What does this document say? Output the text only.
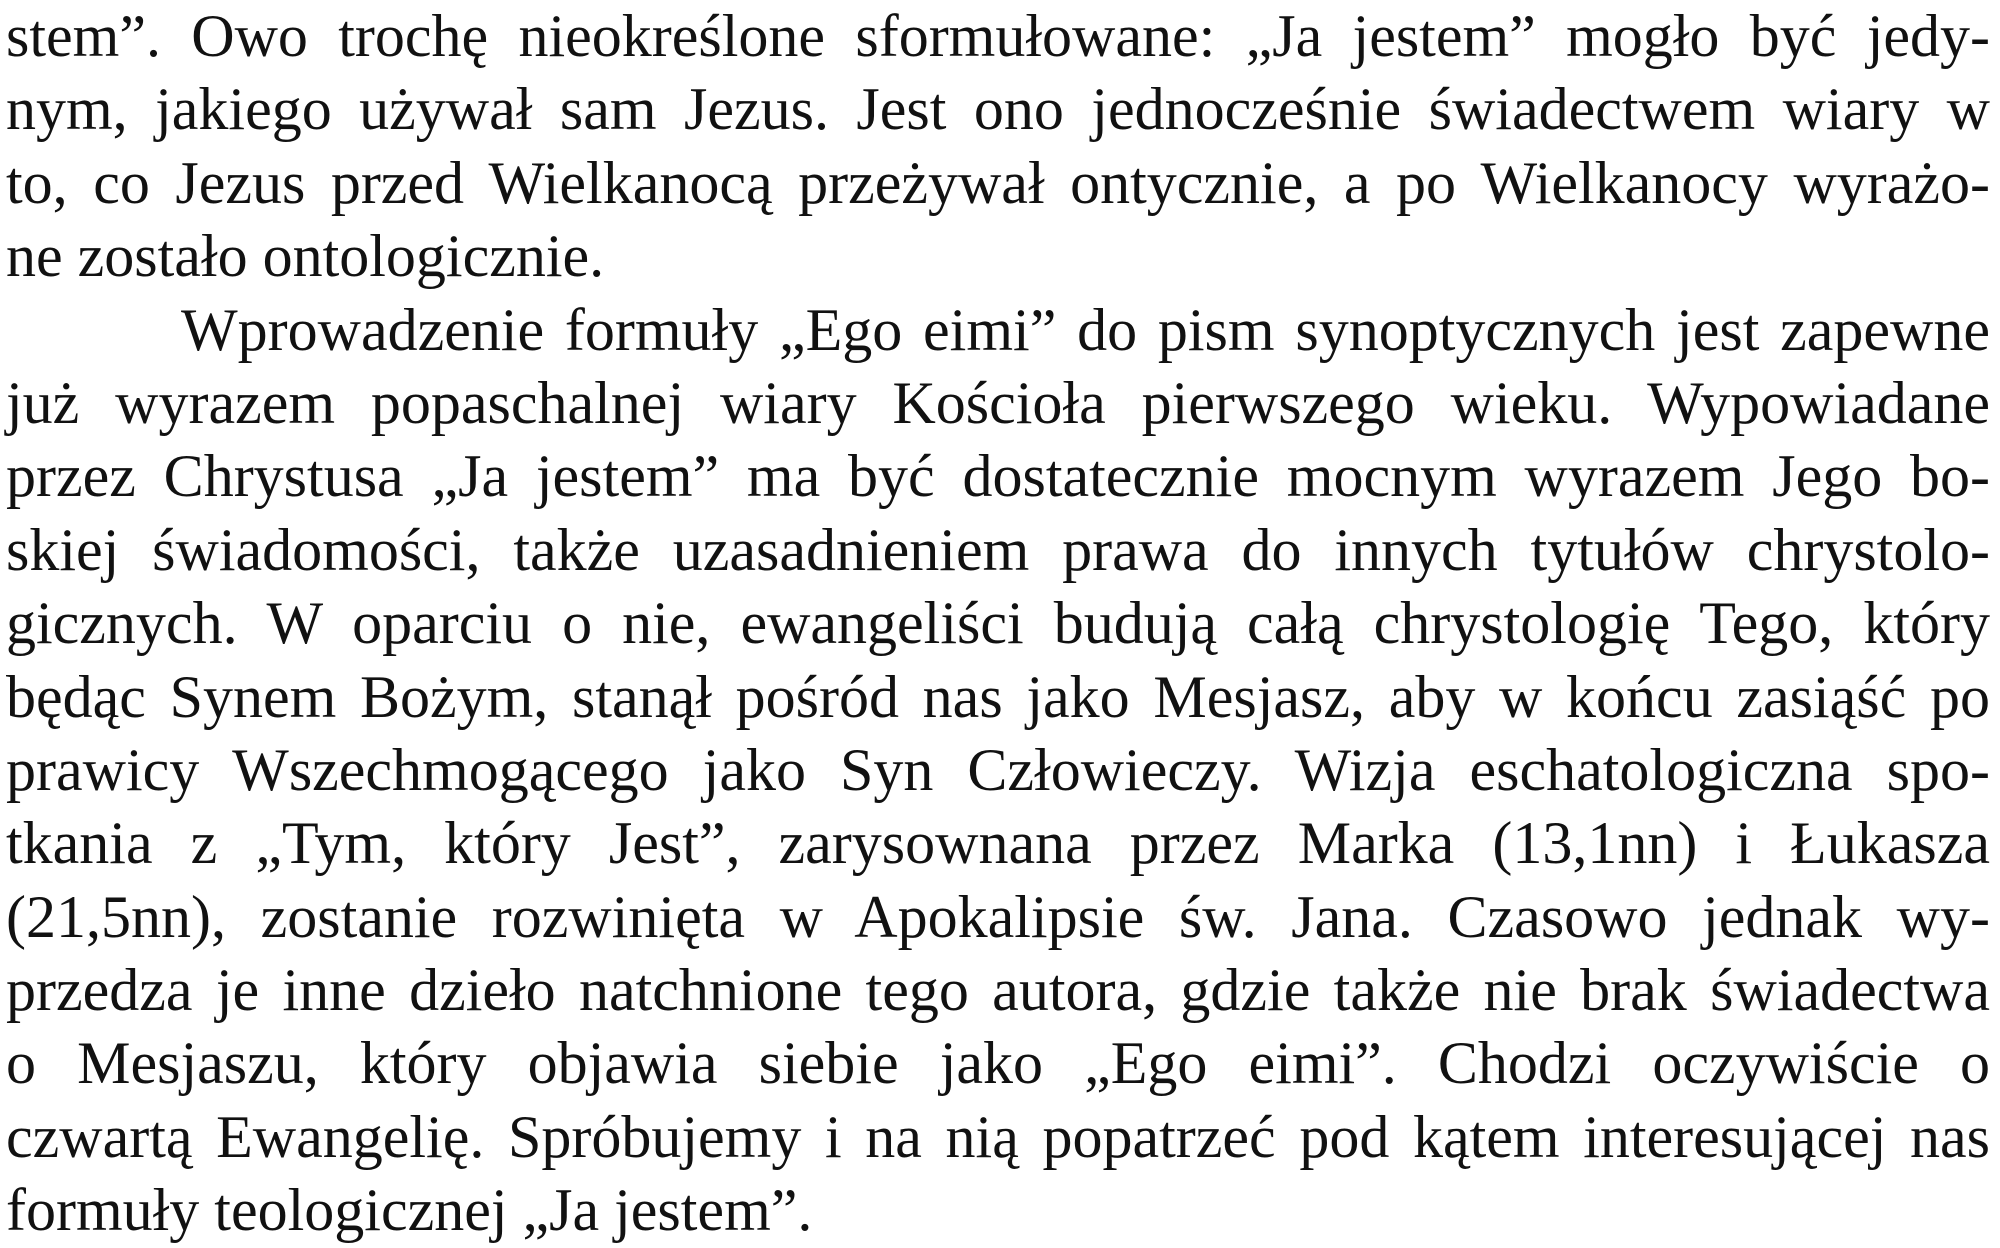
stem”. Owo trochę nieokreślone sformułowane: „Ja jestem” mogło być jedy-
nym, jakiego używał sam Jezus. Jest ono jednocześnie świadectwem wiary w
to, co Jezus przed Wielkanocą przeżywał ontycznie, a po Wielkanocy wyrażo-
ne zostało ontologicznie.
Wprowadzenie formuły „Ego eimi” do pism synoptycznych jest zapewne
już wyrazem popaschalnej wiary Kościoła pierwszego wieku. Wypowiadane
przez Chrystusa „Ja jestem” ma być dostatecznie mocnym wyrazem Jego bo-
skiej świadomości, także uzasadnieniem prawa do innych tytułów chrystolo-
gicznych. W oparciu o nie, ewangeliści budują całą chrystologię Tego, który
będąc Synem Bożym, stanął pośród nas jako Mesjasz, aby w końcu zasiąść po
prawicy Wszechmogącego jako Syn Człowieczy. Wizja eschatologiczna spo-
tkania z „Tym, który Jest”, zarysownana przez Marka (13,1nn) i Łukasza
(21,5nn), zostanie rozwinięta w Apokalipsie św. Jana. Czasowo jednak wy-
przedza je inne dzieło natchnione tego autora, gdzie także nie brak świadectwa
o Mesjaszu, który objawia siebie jako „Ego eimi”. Chodzi oczywiście o
czwartą Ewangelię. Spróbujemy i na nią popatrzeć pod kątem interesującej nas
formuły teologicznej „Ja jestem”.
